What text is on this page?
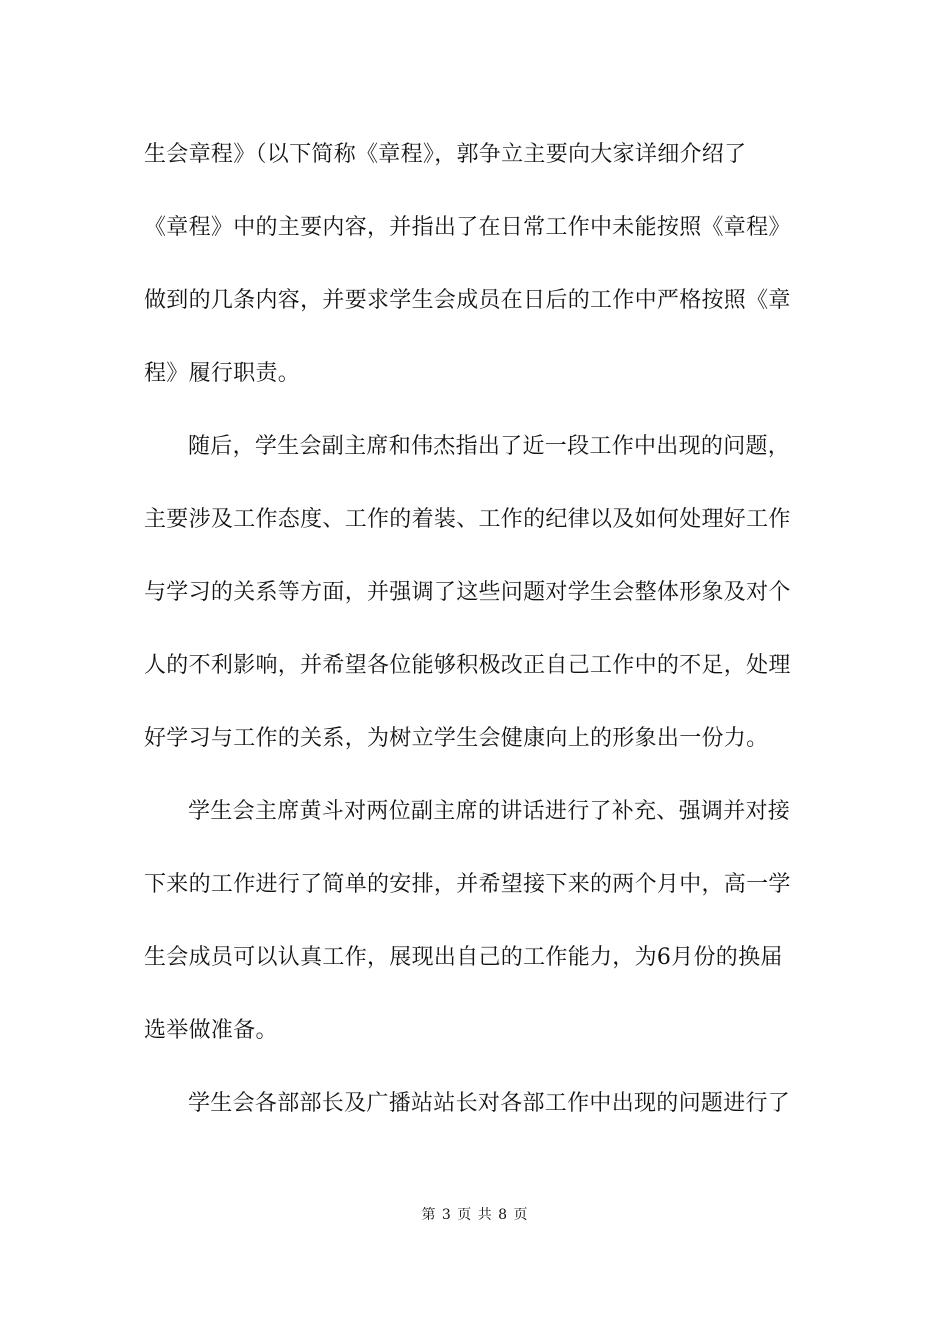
生会章程》（以下简称《章程》，郭争立主要向大家详细介绍了
《章程》中的主要内容，并指出了在日常工作中未能按照《章程》
做到的几条内容，并要求学生会成员在日后的工作中严格按照《章
程》履行职责。
随后，学生会副主席和伟杰指出了近一段工作中出现的问题，
主要涉及工作态度、工作的着装、工作的纪律以及如何处理好工作
与学习的关系等方面，并强调了这些问题对学生会整体形象及对个
人的不利影响，并希望各位能够积极改正自己工作中的不足，处理
好学习与工作的关系，为树立学生会健康向上的形象出一份力。
学生会主席黄斗对两位副主席的讲话进行了补充、强调并对接
下来的工作进行了简单的安排，并希望接下来的两个月中，高一学
生会成员可以认真工作，展现出自己的工作能力，为6月份的换届
选举做准备。
学生会各部部长及广播站站长对各部工作中出现的问题进行了
第 3 页 共 8 页
